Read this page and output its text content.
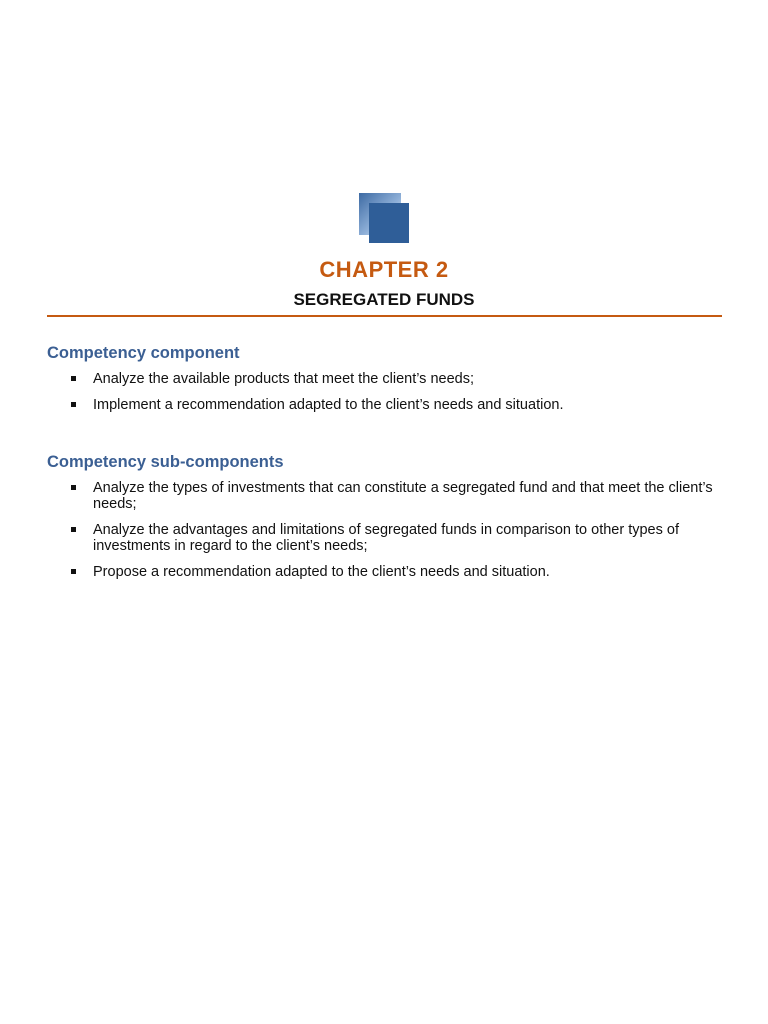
CHAPTER 2
SEGREGATED FUNDS
Competency component
Analyze the available products that meet the client’s needs;
Implement a recommendation adapted to the client’s needs and situation.
Competency sub-components
Analyze the types of investments that can constitute a segregated fund and that meet the client’s needs;
Analyze the advantages and limitations of segregated funds in comparison to other types of investments in regard to the client’s needs;
Propose a recommendation adapted to the client’s needs and situation.
